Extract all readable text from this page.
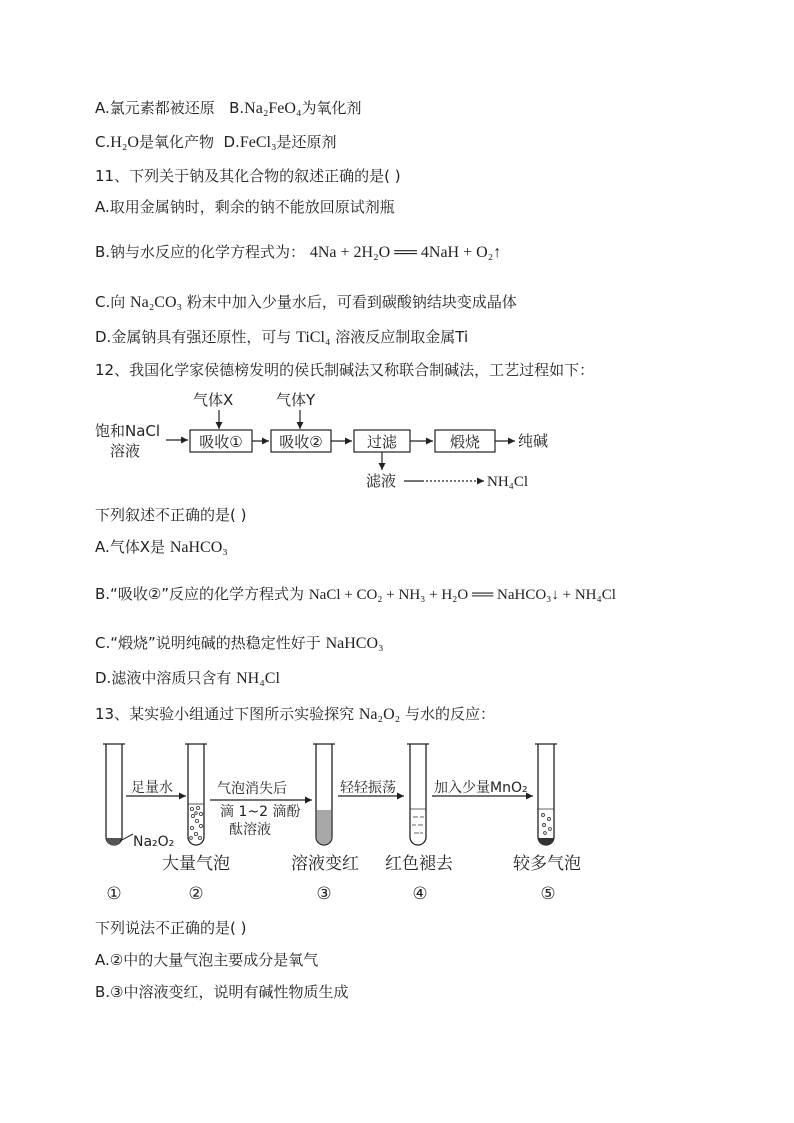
A.氯元素都被还原 B.Na₂FeO₄为氧化剂
C.H₂O是氧化产物 D.FeCl₃是还原剂
11、下列关于钠及其化合物的叙述正确的是( )
A.取用金属钠时，剩余的钠不能放回原试剂瓶
B.钠与水反应的化学方程式为： 4Na + 2H₂O ══ 4NaH + O₂↑
C.向 Na₂CO₃ 粉末中加入少量水后，可看到碳酸钠结块变成晶体
D.金属钠具有强还原性，可与 TiCl₄ 溶液反应制取金属Ti
12、我国化学家侯德榜发明的侯氏制碱法又称联合制碱法，工艺过程如下：
饱和NaCl
溶液
气体X
吸收①
气体Y
吸收②	过滤	煅烧	纯碱
滤液	NH₄Cl
Na₂O₂
足量水	气泡消失后
滴 1~2 滴酚
酞溶液
轻轻振荡	加入少量MnO₂
大量气泡	溶液变红 红色褪去	较多气泡
①	②	③	④	⑤
下列叙述不正确的是( )
A.气体X是 NaHCO₃
B.“吸收②”反应的化学方程式为 NaCl + CO₂ + NH₃ + H₂O ══ NaHCO₃↓ + NH₄Cl
C.“煅烧”说明纯碱的热稳定性好于 NaHCO₃
D.滤液中溶质只含有 NH₄Cl
13、某实验小组通过下图所示实验探究 Na₂O₂ 与水的反应：
下列说法不正确的是( )
A.②中的大量气泡主要成分是氧气
B.③中溶液变红，说明有碱性物质生成
